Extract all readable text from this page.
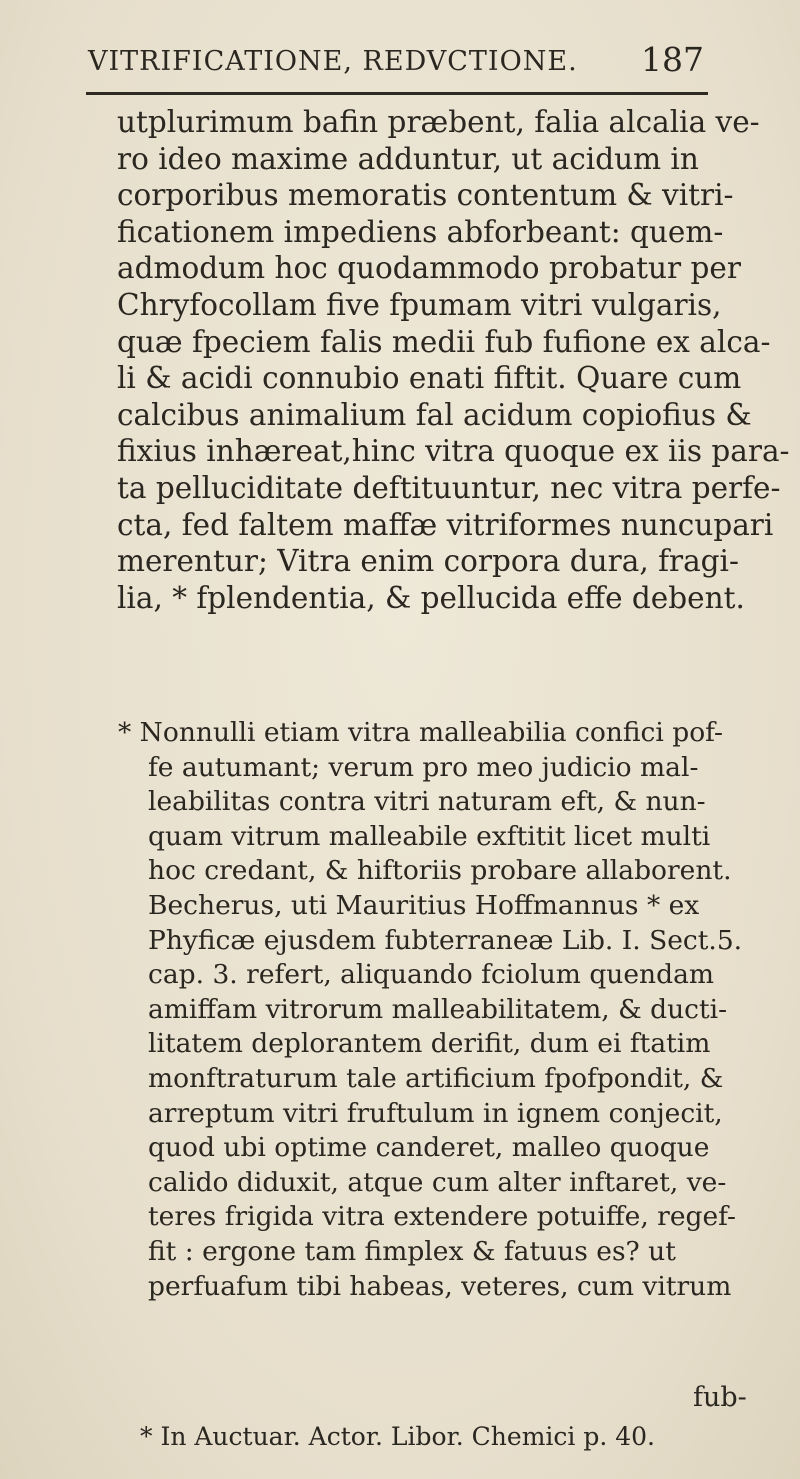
VITRIFICATIONE, REDVCTIONE. 187
utplurimum bafin præbent, falia alcalia ve-
ro ideo maxime adduntur, ut acidum in
corporibus memoratis contentum & vitri-
ficationem impediens abforbeant: quem-
admodum hoc quodammodo probatur per
Chryfocollam five fpumam vitri vulgaris,
quæ fpeciem falis medii fub fufione ex alca-
li & acidi connubio enati fiftit. Quare cum
calcibus animalium fal acidum copiofius &
fixius inhæreat,hinc vitra quoque ex iis para-
ta pelluciditate deftituuntur, nec vitra perfe-
cta, fed faltem maffæ vitriformes nuncupari
merentur; Vitra enim corpora dura, fragi-
lia, * fplendentia, & pellucida effe debent.
* Nonnulli etiam vitra malleabilia confici pof-
fe autumant; verum pro meo judicio mal-
leabilitas contra vitri naturam eft, & nun-
quam vitrum malleabile exftitit licet multi
hoc credant, & hiftoriis probare allaborent.
Becherus, uti Mauritius Hoffmannus * ex
Phyficæ ejusdem fubterraneæ Lib. I. Sect.5.
cap. 3. refert, aliquando fciolum quendam
amiffam vitrorum malleabilitatem, & ducti-
litatem deplorantem derifit, dum ei ftatim
monftraturum tale artificium fpofpondit, &
arreptum vitri fruftulum in ignem conjecit,
quod ubi optime canderet, malleo quoque
calido diduxit, atque cum alter inftaret, ve-
teres frigida vitra extendere potuiffe, regef-
fit : ergone tam fimplex & fatuus es? ut
perfuafum tibi habeas, veteres, cum vitrum
fub-
* In Auctuar. Actor. Libor. Chemici p. 40.
